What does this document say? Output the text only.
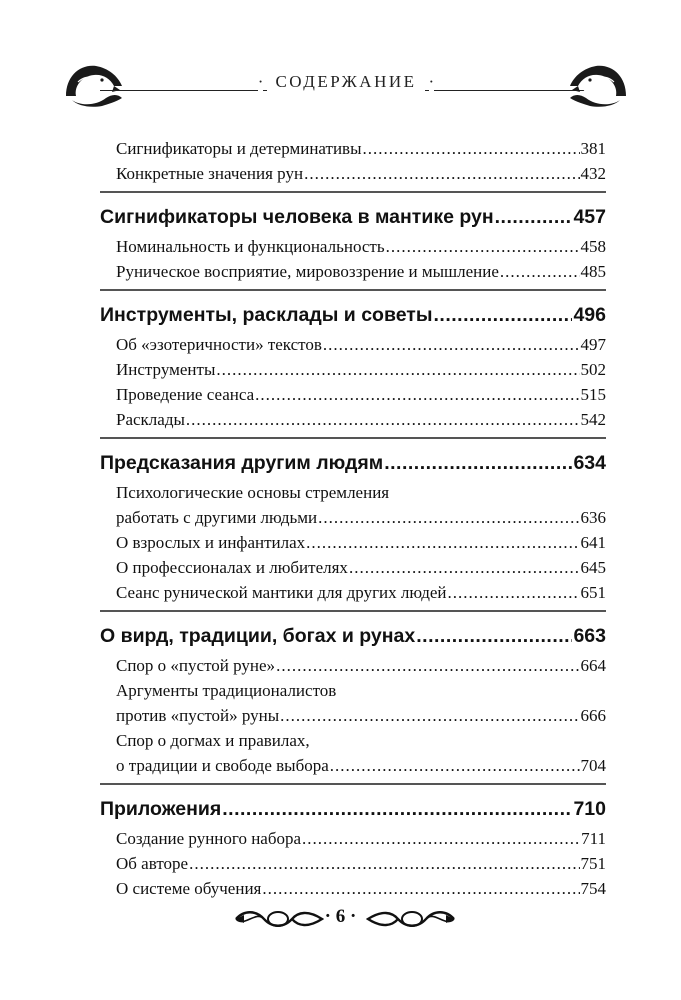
· СОДЕРЖАНИЕ ·
Сигнификаторы и детерминативы .....	381
Конкретные значения рун .....	432
Сигнификаторы человека в мантике рун .....	457
Номинальность и функциональность .....	458
Руническое восприятие, мировоззрение и мышление .....	485
Инструменты, расклады и советы .....	496
Об «эзотеричности» текстов .....	497
Инструменты .....	502
Проведение сеанса .....	515
Расклады .....	542
Предсказания другим людям .....	634
Психологические основы стремления
работать с другими людьми .....	636
О взрослых и инфантилах .....	641
О профессионалах и любителях .....	645
Сеанс рунической мантики для других людей .....	651
О вирд, традиции, богах и рунах .....	663
Спор о «пустой руне» .....	664
Аргументы традиционалистов
против «пустой» руны .....	666
Спор о догмах и правилах,
о традиции и свободе выбора .....	704
Приложения .....	710
Создание рунного набора .....	711
Об авторе .....	751
О системе обучения .....	754
· 6 ·
